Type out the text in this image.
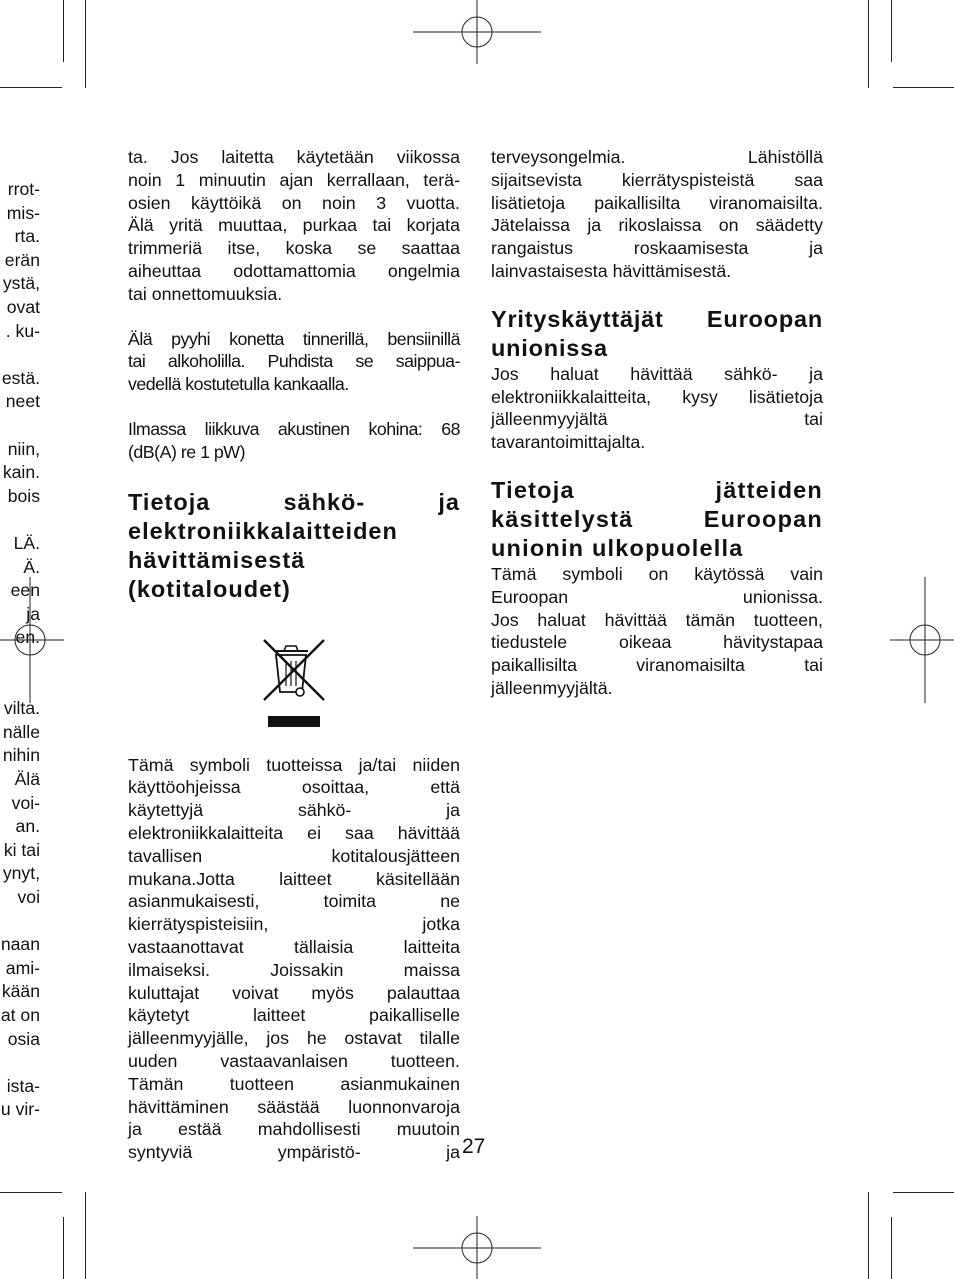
rrot-
mis-
rta.
erän
ystä,
ovat
. ku-
estä.
neet
niin,
kain.
bois
LÄ.
Ä.
een
ja
en.
vilta.
nälle
nihin
Älä
voi-
an.
ki tai
ynyt,
voi
naan
ami-
kään
at on
osia
ista-
u vir-

ta. Jos laitetta käytetään viikossa
noin 1 minuutin ajan kerrallaan, terä-
osien käyttöikä on noin 3 vuotta.
Älä yritä muuttaa, purkaa tai korjata
trimmeriä itse, koska se saattaa
aiheuttaa odottamattomia ongelmia
tai onnettomuuksia.

Älä pyyhi konetta tinnerillä, bensiinillä
tai alkoholilla. Puhdista se saippua-
vedellä kostutetulla kankaalla.

Ilmassa liikkuva akustinen kohina: 68
(dB(A) re 1 pW)

Tietoja sähkö- ja
elektroniikkalaitteiden
hävittämisestä
(kotitaloudet)

Tämä symboli tuotteissa ja/tai niiden
käyttöohjeissa osoittaa, että
käytettyjä sähkö- ja
elektroniikkalaitteita ei saa hävittää
tavallisen kotitalousjätteen
mukana.Jotta laitteet käsitellään
asianmukaisesti, toimita ne
kierrätyspisteisiin, jotka
vastaanottavat tällaisia laitteita
ilmaiseksi. Joissakin maissa
kuluttajat voivat myös palauttaa
käytetyt laitteet paikalliselle
jälleenmyyjälle, jos he ostavat tilalle
uuden vastaavanlaisen tuotteen.
Tämän tuotteen asianmukainen
hävittäminen säästää luonnonvaroja
ja estää mahdollisesti muutoin
syntyviä ympäristö- ja

terveysongelmia. Lähistöllä
sijaitsevista kierrätyspisteistä saa
lisätietoja paikallisilta viranomaisilta.
Jätelaissa ja rikoslaissa on säädetty
rangaistus roskaamisesta ja
lainvastaisesta hävittämisestä.

Yrityskäyttäjät Euroopan
unionissa

Jos haluat hävittää sähkö- ja
elektroniikkalaitteita, kysy lisätietoja
jälleenmyyjältä tai
tavarantoimittajalta.

Tietoja jätteiden
käsittelystä Euroopan
unionin ulkopuolella

Tämä symboli on käytössä vain
Euroopan unionissa.
Jos haluat hävittää tämän tuotteen,
tiedustele oikeaa hävitystapaa
paikallisilta viranomaisilta tai
jälleenmyyjältä.

27
